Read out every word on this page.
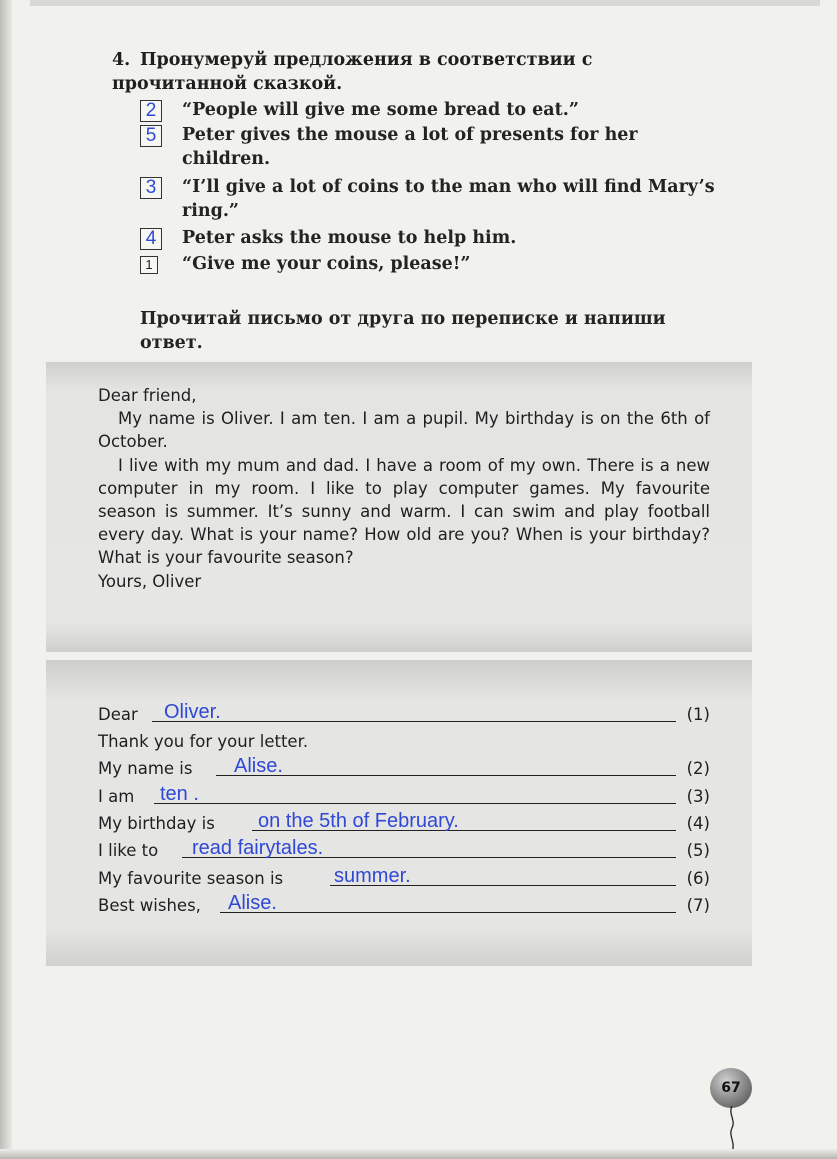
4. Пронумеруй предложения в соответствии с прочитанной сказкой.
2	“People will give me some bread to eat.”
5	Peter gives the mouse a lot of presents for her children.
3	“I’ll give a lot of coins to the man who will find Mary’s ring.”
4	Peter asks the mouse to help him.
1	“Give me your coins, please!”
Прочитай письмо от друга по переписке и напиши ответ.

Dear friend,

My name is Oliver. I am ten. I am a pupil. My birthday is on the 6th of October.

I live with my mum and dad. I have a room of my own. There is a new computer in my room. I like to play computer games. My favourite season is summer. It’s sunny and warm. I can swim and play football every day. What is your name? How old are you? When is your birthday? What is your favourite season?

Yours, Oliver

Dear Oliver.	(1)
Thank you for your letter.
My name is Alise.	(2)
I am ten .	(3)
My birthday is on the 5th of February.	(4)
I like to read fairytales.	(5)
My favourite season is	summer.	(6)
Best wishes, Alise.	(7)
67
